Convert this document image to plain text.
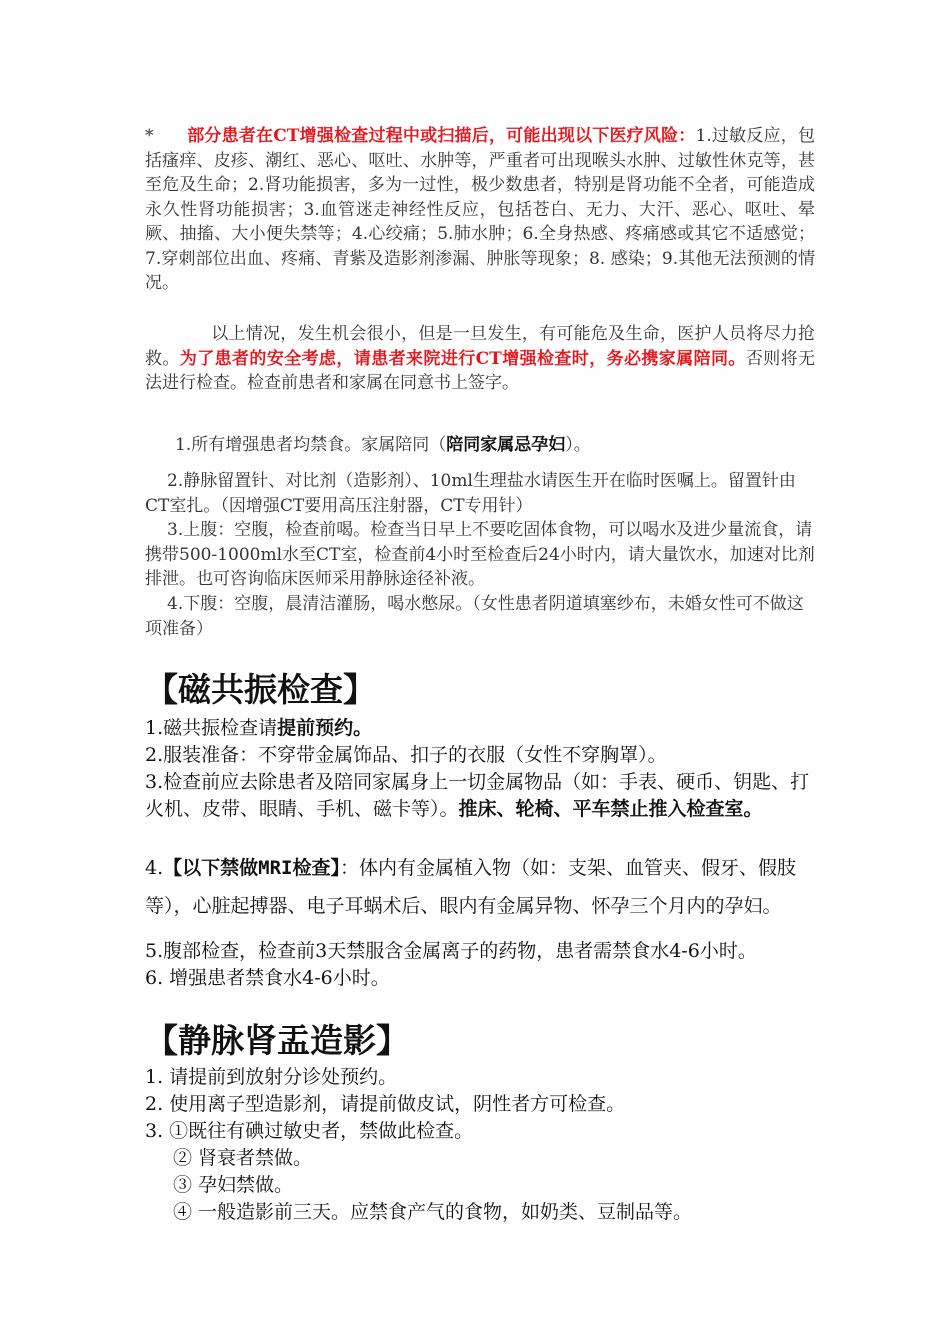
* 部分患者在CT增强检查过程中或扫描后，可能出现以下医疗风险：1.过敏反应，包括瘙痒、皮疹、潮红、恶心、呕吐、水肿等，严重者可出现喉头水肿、过敏性休克等，甚至危及生命；2.肾功能损害，多为一过性，极少数患者，特别是肾功能不全者，可能造成永久性肾功能损害；3.血管迷走神经性反应，包括苍白、无力、大汗、恶心、呕吐、晕厥、抽搐、大小便失禁等；4.心绞痛；5.肺水肿；6.全身热感、疼痛感或其它不适感觉；7.穿刺部位出血、疼痛、青紫及造影剂渗漏、肿胀等现象；8. 感染；9.其他无法预测的情况。

以上情况，发生机会很小，但是一旦发生，有可能危及生命，医护人员将尽力抢救。为了患者的安全考虑，请患者来院进行CT增强检查时，务必携家属陪同。否则将无法进行检查。检查前患者和家属在同意书上签字。

1.所有增强患者均禁食。家属陪同（陪同家属忌孕妇）。

2.静脉留置针、对比剂（造影剂）、10ml生理盐水请医生开在临时医嘱上。留置针由CT室扎。（因增强CT要用高压注射器，CT专用针）

3.上腹：空腹，检查前喝。检查当日早上不要吃固体食物，可以喝水及进少量流食，请携带500-1000ml水至CT室，检查前4小时至检查后24小时内，请大量饮水，加速对比剂排泄。也可咨询临床医师采用静脉途径补液。

4.下腹：空腹，晨清洁灌肠，喝水憋尿。（女性患者阴道填塞纱布，未婚女性可不做这项准备）

【磁共振检查】

1.磁共振检查请提前预约。

2.服装准备：不穿带金属饰品、扣子的衣服（女性不穿胸罩）。

3.检查前应去除患者及陪同家属身上一切金属物品（如：手表、硬币、钥匙、打火机、皮带、眼睛、手机、磁卡等）。推床、轮椅、平车禁止推入检查室。

4.【以下禁做MRI检查】：体内有金属植入物（如：支架、血管夹、假牙、假肢等），心脏起搏器、电子耳蜗术后、眼内有金属异物、怀孕三个月内的孕妇。

5.腹部检查，检查前3天禁服含金属离子的药物，患者需禁食水4-6小时。

6. 增强患者禁食水4-6小时。

【静脉肾盂造影】

1. 请提前到放射分诊处预约。

2. 使用离子型造影剂，请提前做皮试，阴性者方可检查。

3. ①既往有碘过敏史者，禁做此检查。

② 肾衰者禁做。

③ 孕妇禁做。

④ 一般造影前三天。应禁食产气的食物，如奶类、豆制品等。
